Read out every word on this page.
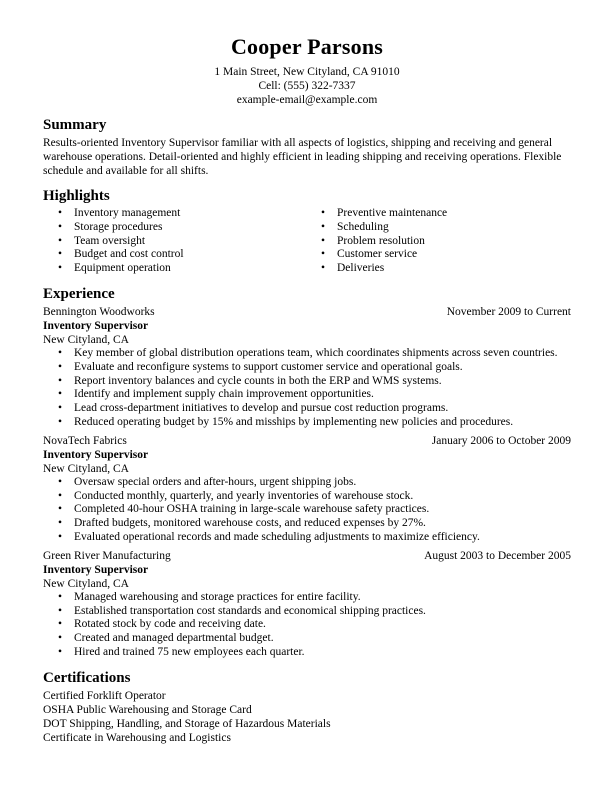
Cooper Parsons
1 Main Street, New Cityland, CA 91010
Cell: (555) 322-7337
example-email@example.com
Summary
Results-oriented Inventory Supervisor familiar with all aspects of logistics, shipping and receiving and general warehouse operations. Detail-oriented and highly efficient in leading shipping and receiving operations. Flexible schedule and available for all shifts.
Highlights
• Inventory management
• Storage procedures
• Team oversight
• Budget and cost control
• Equipment operation
• Preventive maintenance
• Scheduling
• Problem resolution
• Customer service
• Deliveries
Experience
Bennington Woodworks	November 2009 to Current
Inventory Supervisor
New Cityland, CA
• Key member of global distribution operations team, which coordinates shipments across seven countries.
• Evaluate and reconfigure systems to support customer service and operational goals.
• Report inventory balances and cycle counts in both the ERP and WMS systems.
• Identify and implement supply chain improvement opportunities.
• Lead cross-department initiatives to develop and pursue cost reduction programs.
• Reduced operating budget by 15% and misships by implementing new policies and procedures.
NovaTech Fabrics	January 2006 to October 2009
Inventory Supervisor
New Cityland, CA
• Oversaw special orders and after-hours, urgent shipping jobs.
• Conducted monthly, quarterly, and yearly inventories of warehouse stock.
• Completed 40-hour OSHA training in large-scale warehouse safety practices.
• Drafted budgets, monitored warehouse costs, and reduced expenses by 27%.
• Evaluated operational records and made scheduling adjustments to maximize efficiency.
Green River Manufacturing	August 2003 to December 2005
Inventory Supervisor
New Cityland, CA
• Managed warehousing and storage practices for entire facility.
• Established transportation cost standards and economical shipping practices.
• Rotated stock by code and receiving date.
• Created and managed departmental budget.
• Hired and trained 75 new employees each quarter.
Certifications
Certified Forklift Operator
OSHA Public Warehousing and Storage Card
DOT Shipping, Handling, and Storage of Hazardous Materials
Certificate in Warehousing and Logistics
